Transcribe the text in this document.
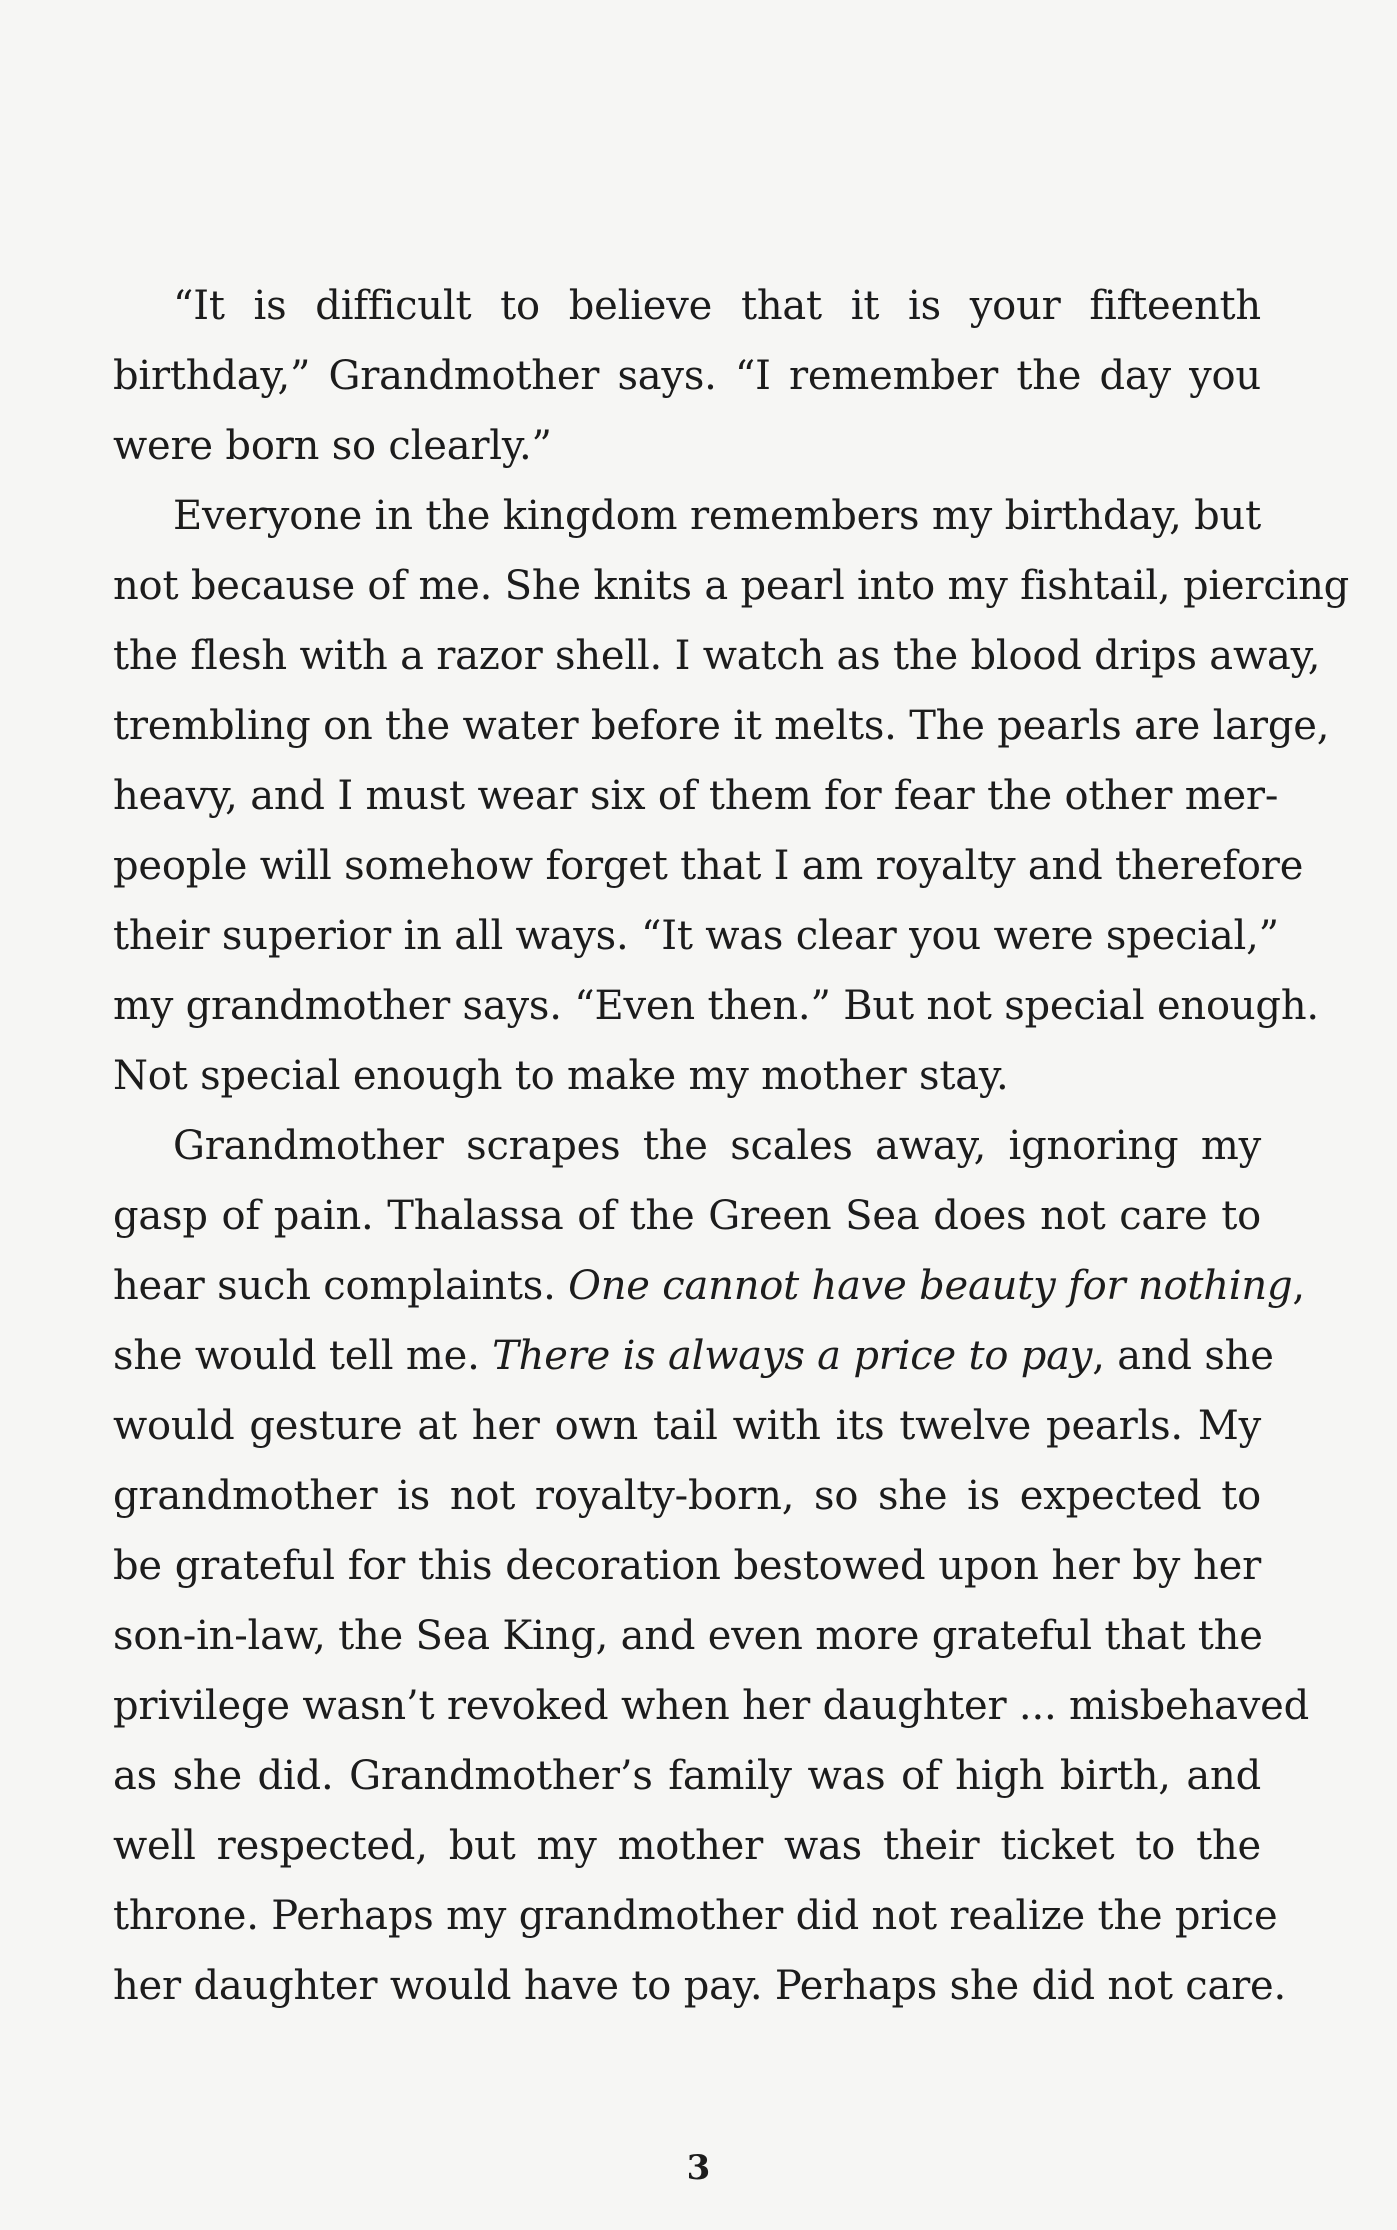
“It is difficult to believe that it is your fifteenth
birthday,” Grandmother says. “I remember the day you
were born so clearly.”

Everyone in the kingdom remembers my birthday, but
not because of me. She knits a pearl into my fishtail, piercing
the flesh with a razor shell. I watch as the blood drips away,
trembling on the water before it melts. The pearls are large,
heavy, and I must wear six of them for fear the other mer-
people will somehow forget that I am royalty and therefore
their superior in all ways. “It was clear you were special,”
my grandmother says. “Even then.” But not special enough.
Not special enough to make my mother stay.

Grandmother scrapes the scales away, ignoring my
gasp of pain. Thalassa of the Green Sea does not care to
hear such complaints. One cannot have beauty for nothing,
she would tell me. There is always a price to pay, and she
would gesture at her own tail with its twelve pearls. My
grandmother is not royalty-born, so she is expected to
be grateful for this decoration bestowed upon her by her
son-in-law, the Sea King, and even more grateful that the
privilege wasn’t revoked when her daughter ... misbehaved
as she did. Grandmother’s family was of high birth, and
well respected, but my mother was their ticket to the
throne. Perhaps my grandmother did not realize the price
her daughter would have to pay. Perhaps she did not care.

3
